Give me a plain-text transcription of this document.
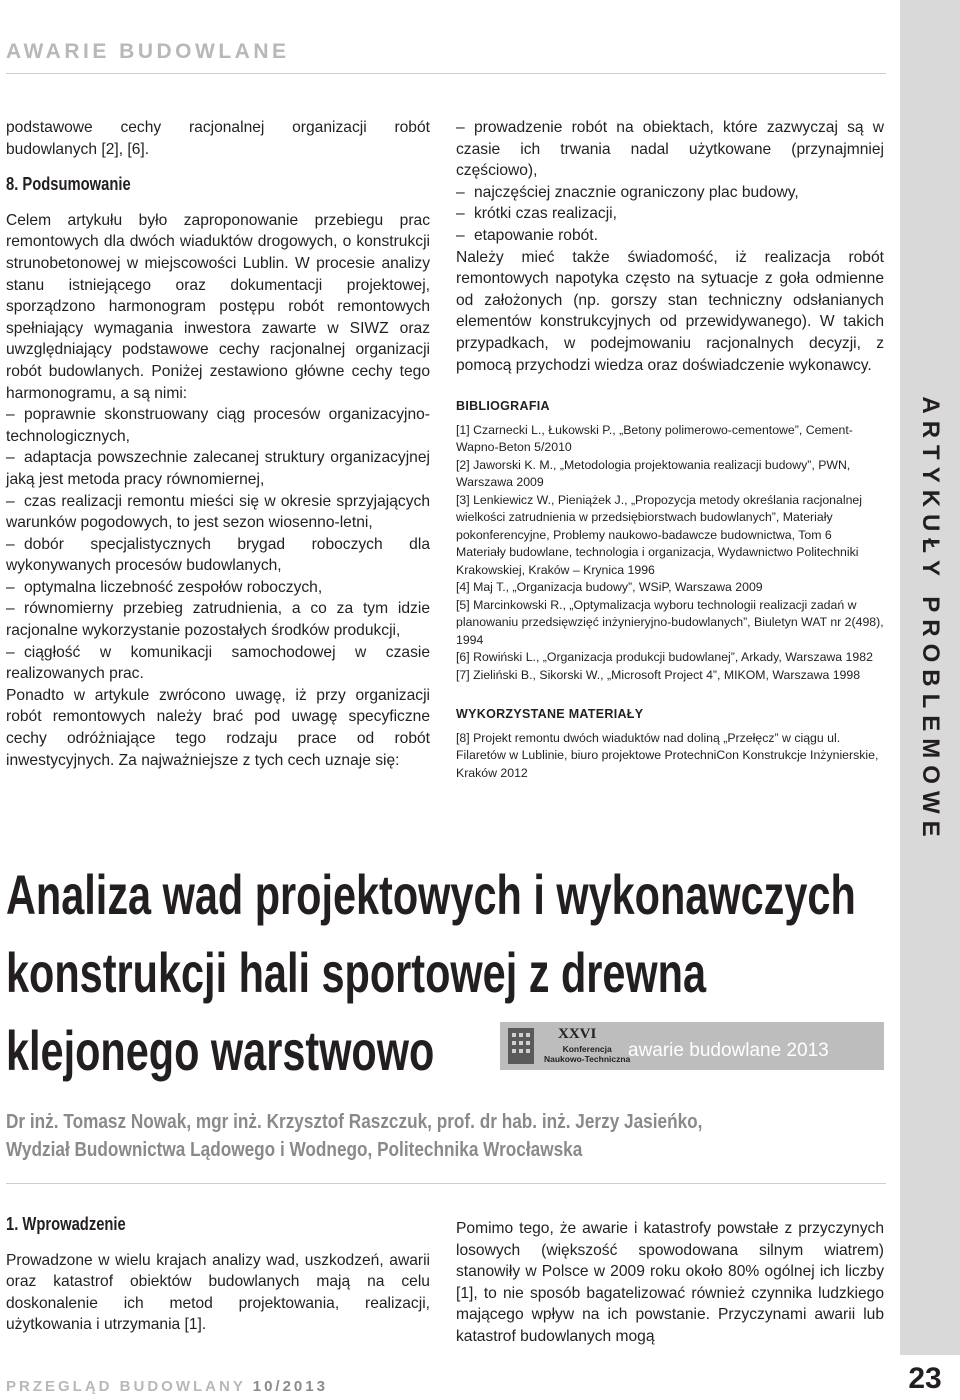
AWARIE BUDOWLANE
ARTYKUŁY PROBLEMOWE

podstawowe cechy racjonalnej organizacji robót budowlanych [2], [6].

8. Podsumowanie

Celem artykułu było zaproponowanie przebiegu prac remontowych dla dwóch wiaduktów drogowych, o konstrukcji strunobetonowej w miejscowości Lublin. W procesie analizy stanu istniejącego oraz dokumentacji projektowej, sporządzono harmonogram postępu robót remontowych spełniający wymagania inwestora zawarte w SIWZ oraz uwzględniający podstawowe cechy racjonalnej organizacji robót budowlanych. Poniżej zestawiono główne cechy tego harmonogramu, a są nimi:

– poprawnie skonstruowany ciąg procesów organizacyjno-technologicznych,

– adaptacja powszechnie zalecanej struktury organizacyjnej jaką jest metoda pracy równomiernej,

– czas realizacji remontu mieści się w okresie sprzyjających warunków pogodowych, to jest sezon wiosenno-letni,

– dobór specjalistycznych brygad roboczych dla wykonywanych procesów budowlanych,

– optymalna liczebność zespołów roboczych,

– równomierny przebieg zatrudnienia, a co za tym idzie racjonalne wykorzystanie pozostałych środków produkcji,

– ciągłość w komunikacji samochodowej w czasie realizowanych prac.

Ponadto w artykule zwrócono uwagę, iż przy organizacji robót remontowych należy brać pod uwagę specyficzne cechy odróżniające tego rodzaju prace od robót inwestycyjnych. Za najważniejsze z tych cech uznaje się:

– prowadzenie robót na obiektach, które zazwyczaj są w czasie ich trwania nadal użytkowane (przynajmniej częściowo),

– najczęściej znacznie ograniczony plac budowy,

– krótki czas realizacji,

– etapowanie robót.

Należy mieć także świadomość, iż realizacja robót remontowych napotyka często na sytuacje z goła odmienne od założonych (np. gorszy stan techniczny odsłanianych elementów konstrukcyjnych od przewidywanego). W takich przypadkach, w podejmowaniu racjonalnych decyzji, z pomocą przychodzi wiedza oraz doświadczenie wykonawcy.

BIBLIOGRAFIA

[1] Czarnecki L., Łukowski P., „Betony polimerowo-cementowe”, Cement-Wapno-Beton 5/2010

[2] Jaworski K. M., „Metodologia projektowania realizacji budowy”, PWN, Warszawa 2009

[3] Lenkiewicz W., Pieniążek J., „Propozycja metody określania racjonalnej wielkości zatrudnienia w przedsiębiorstwach budowlanych”, Materiały pokonferencyjne, Problemy naukowo-badawcze budownictwa, Tom 6 Materiały budowlane, technologia i organizacja, Wydawnictwo Politechniki Krakowskiej, Kraków – Krynica 1996

[4] Maj T., „Organizacja budowy”, WSiP, Warszawa 2009

[5] Marcinkowski R., „Optymalizacja wyboru technologii realizacji zadań w planowaniu przedsięwzięć inżynieryjno-budowlanych”, Biuletyn WAT nr 2(498), 1994

[6] Rowiński L., „Organizacja produkcji budowlanej”, Arkady, Warszawa 1982

[7] Zieliński B., Sikorski W., „Microsoft Project 4”, MIKOM, Warszawa 1998

WYKORZYSTANE MATERIAŁY

[8] Projekt remontu dwóch wiaduktów nad doliną „Przełęcz” w ciągu ul. Filaretów w Lublinie, biuro projektowe ProtechniCon Konstrukcje Inżynierskie, Kraków 2012

Analiza wad projektowych i wykonawczych
konstrukcji hali sportowej z drewna
klejonego warstwowo	XXVI
Konferencja
Naukowo-Techniczna
awarie budowlane 2013
Dr inż. Tomasz Nowak, mgr inż. Krzysztof Raszczuk, prof. dr hab. inż. Jerzy Jasieńko,
Wydział Budownictwa Lądowego i Wodnego, Politechnika Wrocławska
1. Wprowadzenie

Prowadzone w wielu krajach analizy wad, uszkodzeń, awarii oraz katastrof obiektów budowlanych mają na celu doskonalenie ich metod projektowania, realizacji, użytkowania i utrzymania [1].

Pomimo tego, że awarie i katastrofy powstałe z przyczynych losowych (większość spowodowana silnym wiatrem) stanowiły w Polsce w 2009 roku około 80% ogólnej ich liczby [1], to nie sposób bagatelizować również czynnika ludzkiego mającego wpływ na ich powstanie. Przyczynami awarii lub katastrof budowlanych mogą

PRZEGLĄD BUDOWLANY 10/2013	23
